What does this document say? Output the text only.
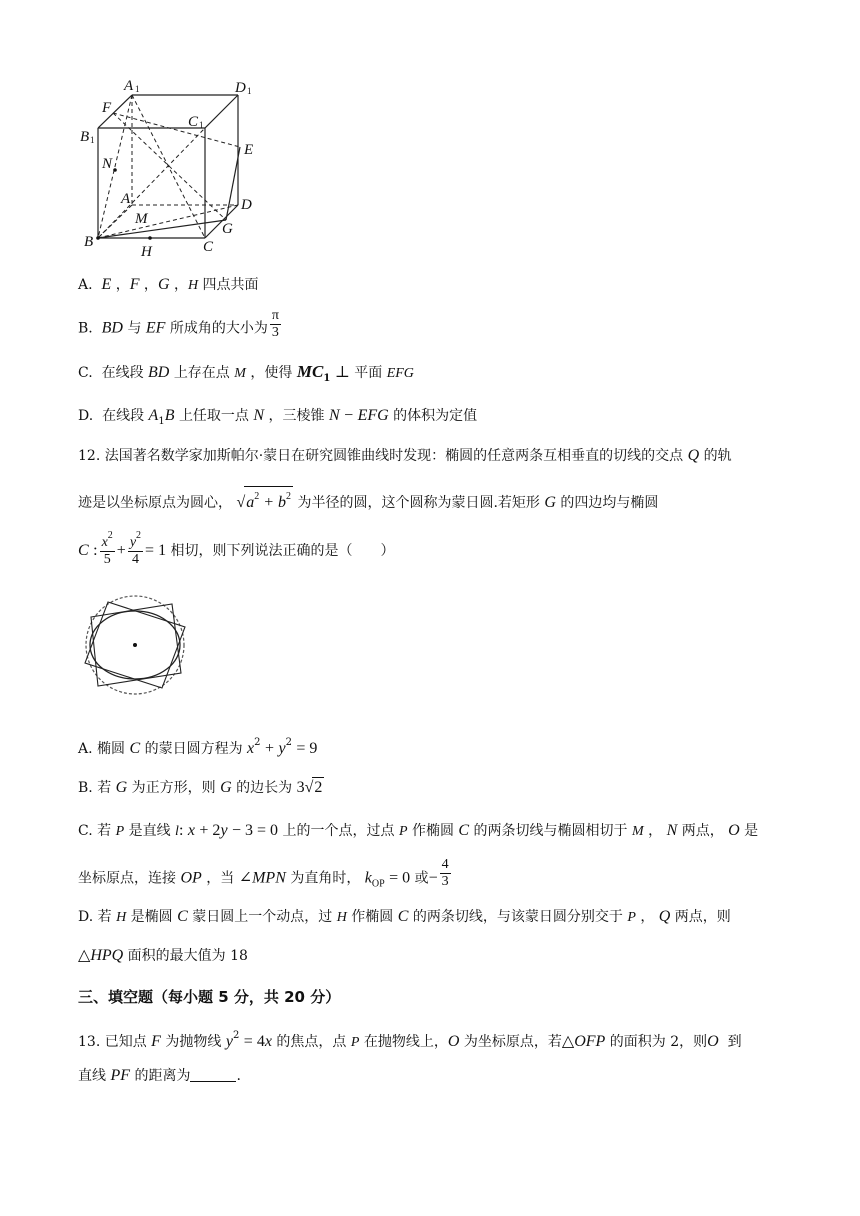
A 1	D 1
F
C 1
B 1
E
N
A
M
D
G
B
H	C
A. E ，F ，G ，H 四点共面
B. BD 与 EF 所成角的大小为 $\frac{\pi}{3}$
C. 在线段 BD 上存在点 M ，使得 $MC_1$ ⊥ 平面 EFG
D. 在线段 $A_1B$ 上任取一点 N ，三棱锥 N − EFG 的体积为定值
12. 法国著名数学家加斯帕尔·蒙日在研究圆锥曲线时发现：椭圆的任意两条互相垂直的切线的交点 Q 的轨
迹是以坐标原点为圆心， $√a^2 + b^2$ 为半径的圆，这个圆称为蒙日圆.若矩形 G 的四边均与椭圆
C : $\frac{x^2}{5} + \frac{y^2}{4} = 1$ 相切，则下列说法正确的是（　　）
A. 椭圆 C 的蒙日圆方程为 $x^2 + y^2 = 9$
B. 若 G 为正方形，则 G 的边长为 3√2
C. 若 P 是直线 l: x + 2y − 3 = 0 上的一个点，过点 P 作椭圆 C 的两条切线与椭圆相切于 M ， N 两点， O 是
坐标原点，连接 OP ，当 ∠MPN 为直角时， $k_{OP} = 0$ 或− $\frac{4}{3}$
D. 若 H 是椭圆 C 蒙日圆上一个动点，过 H 作椭圆 C 的两条切线，与该蒙日圆分别交于 P ， Q 两点，则
△HPQ 面积的最大值为 18
三、填空题（每小题 5 分，共 20 分）
13. 已知点 F 为抛物线 $y^2 = 4x$ 的焦点，点 P 在抛物线上，O 为坐标原点，若△OFP 的面积为 2，则O 到
直线 PF 的距离为	.
